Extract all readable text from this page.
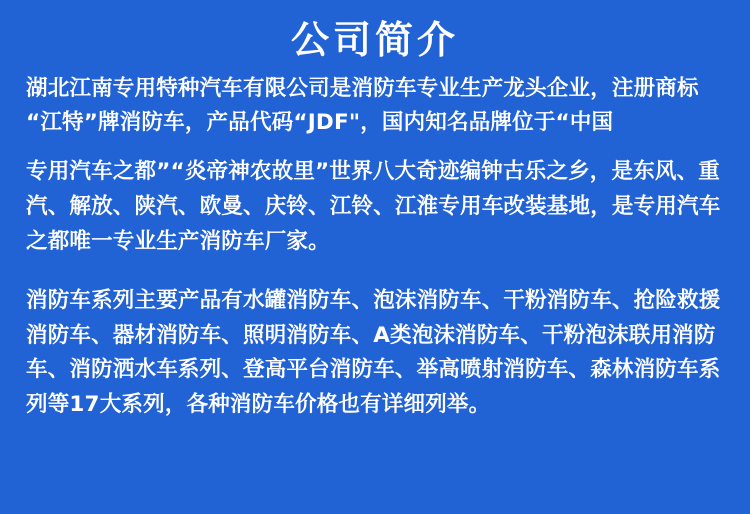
公司简介

湖北江南专用特种汽车有限公司是消防车专业生产龙头企业，注册商标“江特”牌消防车，产品代码“JDF"，国内知名品牌位于“中国

专用汽车之都”“炎帝神农故里”世界八大奇迹编钟古乐之乡，是东风、重汽、解放、陕汽、欧曼、庆铃、江铃、江淮专用车改装基地，是专用汽车之都唯一专业生产消防车厂家。

消防车系列主要产品有水罐消防车、泡沫消防车、干粉消防车、抢险救援消防车、器材消防车、照明消防车、A类泡沫消防车、干粉泡沫联用消防车、消防洒水车系列、登高平台消防车、举高喷射消防车、森林消防车系列等17大系列，各种消防车价格也有详细列举。
